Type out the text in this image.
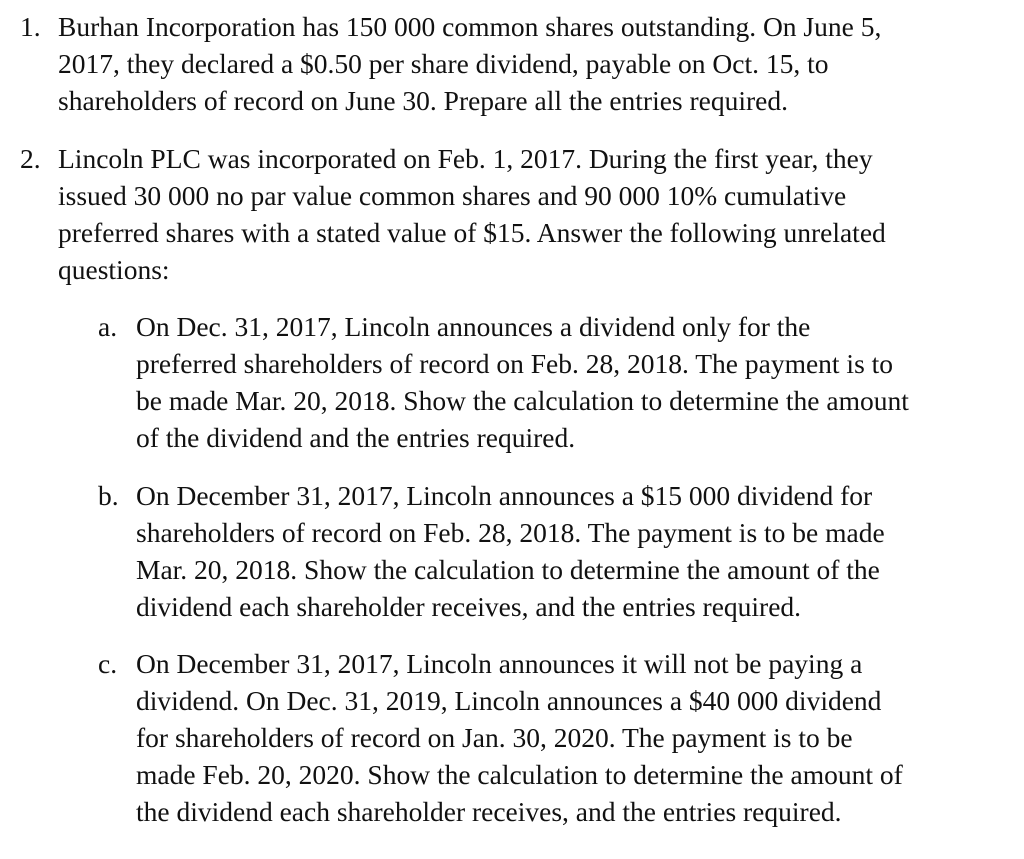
1. Burhan Incorporation has 150 000 common shares outstanding. On June 5,
2017, they declared a $0.50 per share dividend, payable on Oct. 15, to
shareholders of record on June 30. Prepare all the entries required.
2. Lincoln PLC was incorporated on Feb. 1, 2017. During the first year, they
issued 30 000 no par value common shares and 90 000 10% cumulative
preferred shares with a stated value of $15. Answer the following unrelated
questions:
a. On Dec. 31, 2017, Lincoln announces a dividend only for the
preferred shareholders of record on Feb. 28, 2018. The payment is to
be made Mar. 20, 2018. Show the calculation to determine the amount
of the dividend and the entries required.
b. On December 31, 2017, Lincoln announces a $15 000 dividend for
shareholders of record on Feb. 28, 2018. The payment is to be made
Mar. 20, 2018. Show the calculation to determine the amount of the
dividend each shareholder receives, and the entries required.
c. On December 31, 2017, Lincoln announces it will not be paying a
dividend. On Dec. 31, 2019, Lincoln announces a $40 000 dividend
for shareholders of record on Jan. 30, 2020. The payment is to be
made Feb. 20, 2020. Show the calculation to determine the amount of
the dividend each shareholder receives, and the entries required.
